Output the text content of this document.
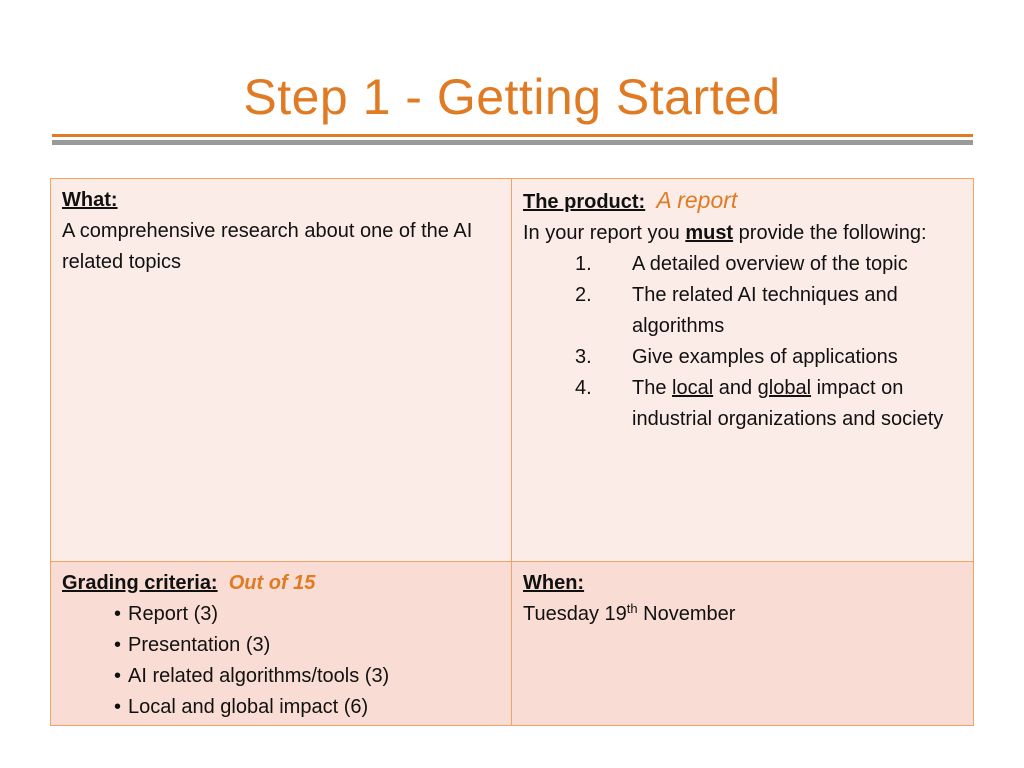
Step 1 - Getting Started
What:
A comprehensive research about one of the AI related topics
The product: A report
In your report you must provide the following:
1. A detailed overview of the topic
2. The related AI techniques and algorithms
3. Give examples of applications
4. The local and global impact on industrial organizations and society
Grading criteria: Out of 15
• Report (3)
• Presentation (3)
• AI related algorithms/tools (3)
• Local and global impact (6)
When:
Tuesday 19th November
